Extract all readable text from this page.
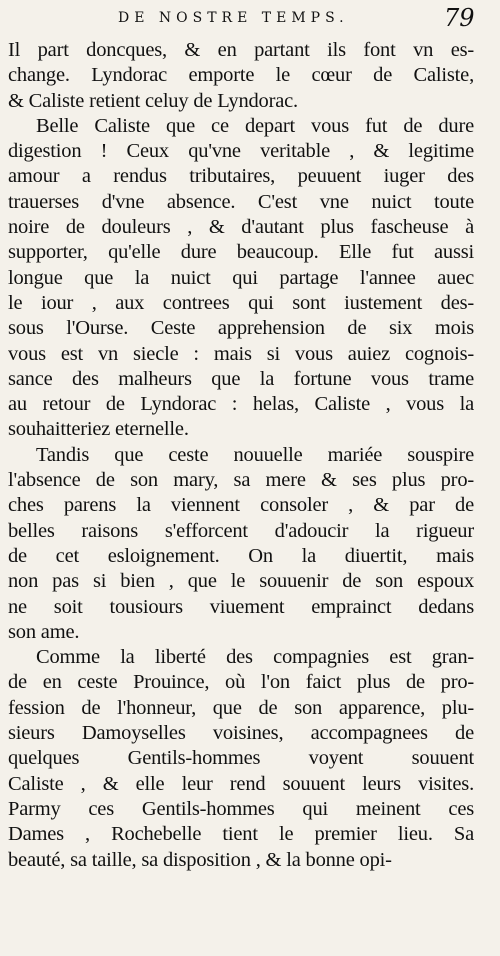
DE NOSTRE TEMPS.	79
Il part doncques, & en partant ils font vn es-
change. Lyndorac emporte le cœur de Caliste,
& Caliste retient celuy de Lyndorac.
Belle Caliste que ce depart vous fut de dure
digestion ! Ceux qu'vne veritable , & legitime
amour a rendus tributaires, peuuent iuger des
trauerses d'vne absence. C'est vne nuict toute
noire de douleurs , & d'autant plus fascheuse à
supporter, qu'elle dure beaucoup. Elle fut aussi
longue que la nuict qui partage l'annee auec
le iour , aux contrees qui sont iustement des-
sous l'Ourse. Ceste apprehension de six mois
vous est vn siecle : mais si vous auiez cognois-
sance des malheurs que la fortune vous trame
au retour de Lyndorac : helas, Caliste , vous la
souhaitteriez eternelle.
Tandis que ceste nouuelle mariée souspire
l'absence de son mary, sa mere & ses plus pro-
ches parens la viennent consoler , & par de
belles raisons s'efforcent d'adoucir la rigueur
de cet esloignement. On la diuertit, mais
non pas si bien , que le souuenir de son espoux
ne soit tousiours viuement emprainct dedans
son ame.
Comme la liberté des compagnies est gran-
de en ceste Prouince, où l'on faict plus de pro-
fession de l'honneur, que de son apparence, plu-
sieurs Damoyselles voisines, accompagnees de
quelques Gentils-hommes voyent souuent
Caliste , & elle leur rend souuent leurs visites.
Parmy ces Gentils-hommes qui meinent ces
Dames , Rochebelle tient le premier lieu. Sa
beauté, sa taille, sa disposition , & la bonne opi-
